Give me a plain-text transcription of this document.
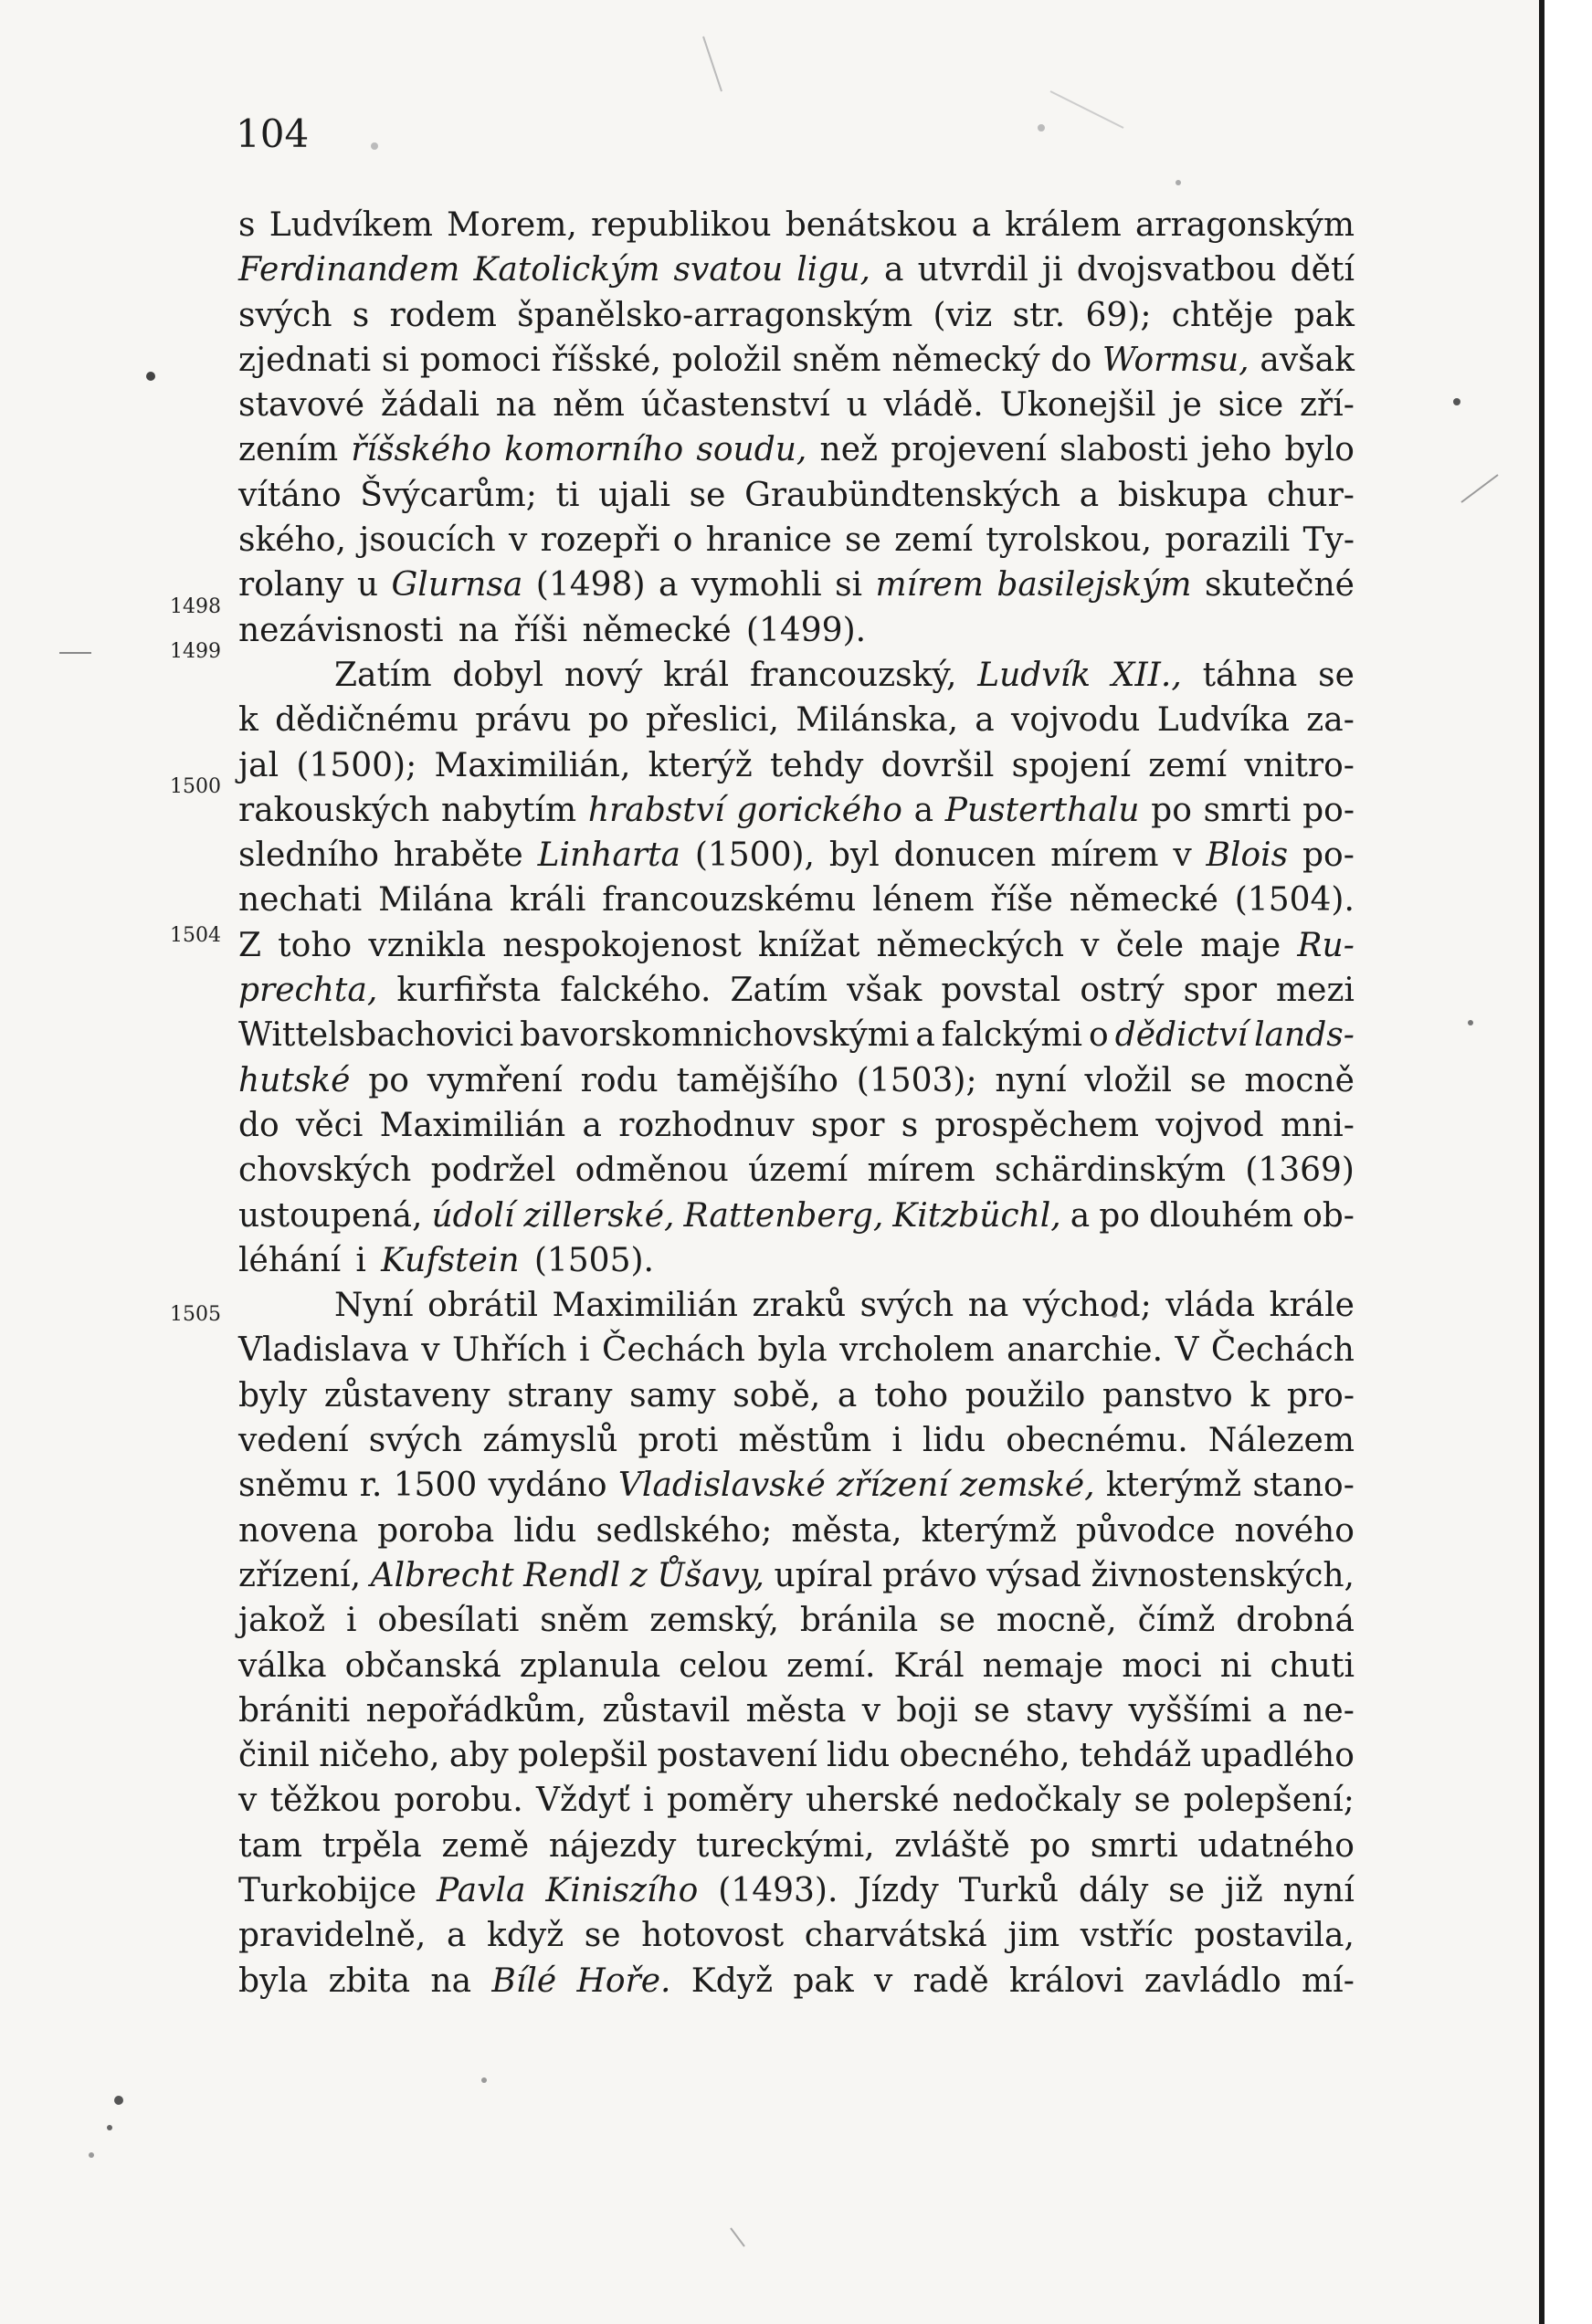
104

1498
1499
1500
1504
1505
s Ludvíkem Morem, republikou benátskou a králem arragonským
Ferdinandem Katolickým svatou ligu, a utvrdil ji dvojsvatbou dětí
svých s rodem španělsko-arragonským (viz str. 69); chtěje pak
zjednati si pomoci říšské, položil sněm německý do Wormsu, avšak
stavové žádali na něm účastenství u vládě. Ukonejšil je sice zří-
zením říšského komorního soudu, než projevení slabosti jeho bylo
vítáno Švýcarům; ti ujali se Graubündtenských a biskupa chur-
ského, jsoucích v rozepři o hranice se zemí tyrolskou, porazili Ty-
rolany u Glurnsa (1498) a vymohli si mírem basilejským skutečné
nezávisnosti na říši německé (1499).
Zatím dobyl nový král francouzský, Ludvík XII., táhna se
k dědičnému právu po přeslici, Milánska, a vojvodu Ludvíka za-
jal (1500); Maximilián, kterýž tehdy dovršil spojení zemí vnitro-
rakouských nabytím hrabství gorického a Pusterthalu po smrti po-
sledního hraběte Linharta (1500), byl donucen mírem v Blois po-
nechati Milána králi francouzskému lénem říše německé (1504).
Z toho vznikla nespokojenost knížat německých v čele maje Ru-
prechta, kurfiřsta falckého. Zatím však povstal ostrý spor mezi
Wittelsbachovici bavorskomnichovskými a falckými o dědictví lands-
hutské po vymření rodu tamějšího (1503); nyní vložil se mocně
do věci Maximilián a rozhodnuv spor s prospěchem vojvod mni-
chovských podržel odměnou území mírem schärdinským (1369)
ustoupená, údolí zillerské, Rattenberg, Kitzbüchl, a po dlouhém ob-
léhání i Kufstein (1505).
Nyní obrátil Maximilián zraků svých na východ; vláda krále
Vladislava v Uhřích i Čechách byla vrcholem anarchie. V Čechách
byly zůstaveny strany samy sobě, a toho použilo panstvo k pro-
vedení svých zámyslů proti městům i lidu obecnému. Nálezem
sněmu r. 1500 vydáno Vladislavské zřízení zemské, kterýmž stano-
novena poroba lidu sedlského; města, kterýmž původce nového
zřízení, Albrecht Rendl z Ůšavy, upíral právo výsad živnostenských,
jakož i obesílati sněm zemský, bránila se mocně, čímž drobná
válka občanská zplanula celou zemí. Král nemaje moci ni chuti
brániti nepořádkům, zůstavil města v boji se stavy vyššími a ne-
činil ničeho, aby polepšil postavení lidu obecného, tehdáž upadlého
v těžkou porobu. Vždyť i poměry uherské nedočkaly se polepšení;
tam trpěla země nájezdy tureckými, zvláště po smrti udatného
Turkobijce Pavla Kiniszího (1493). Jízdy Turků dály se již nyní
pravidelně, a když se hotovost charvátská jim vstříc postavila,
byla zbita na Bílé Hoře. Když pak v radě královi zavládlo mí-
